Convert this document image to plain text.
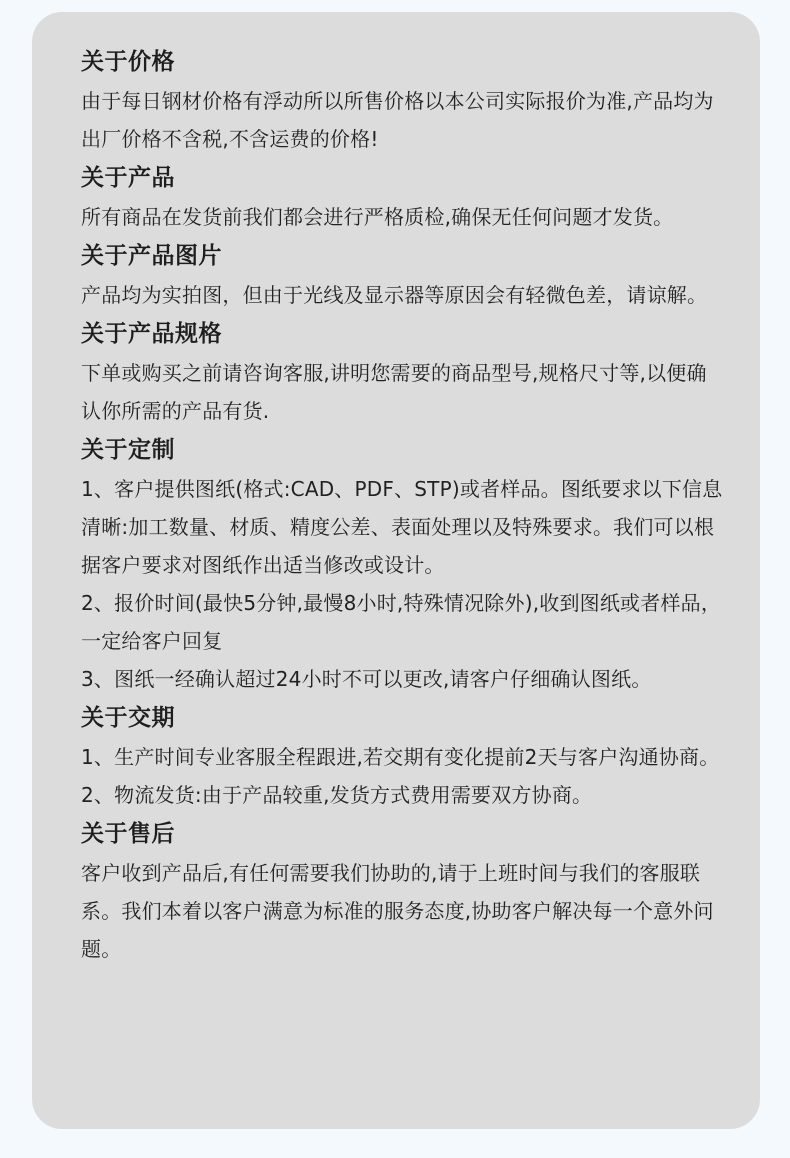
关于价格

由于每日钢材价格有浮动所以所售价格以本公司实际报价为准,产品均为出厂价格不含税,不含运费的价格!

关于产品

所有商品在发货前我们都会进行严格质检,确保无任何问题才发货。

关于产品图片

产品均为实拍图，但由于光线及显示器等原因会有轻微色差，请谅解。

关于产品规格

下单或购买之前请咨询客服,讲明您需要的商品型号,规格尺寸等,以便确认你所需的产品有货.

关于定制

1、客户提供图纸(格式:CAD、PDF、STP)或者样品。图纸要求以下信息清晰:加工数量、材质、精度公差、表面处理以及特殊要求。我们可以根据客户要求对图纸作出适当修改或设计。

2、报价时间(最快5分钟,最慢8小时,特殊情况除外),收到图纸或者样品，一定给客户回复

3、图纸一经确认超过24小时不可以更改,请客户仔细确认图纸。

关于交期

1、生产时间专业客服全程跟进,若交期有变化提前2天与客户沟通协商。

2、物流发货:由于产品较重,发货方式费用需要双方协商。

关于售后

客户收到产品后,有任何需要我们协助的,请于上班时间与我们的客服联系。我们本着以客户满意为标准的服务态度,协助客户解决每一个意外问题。
